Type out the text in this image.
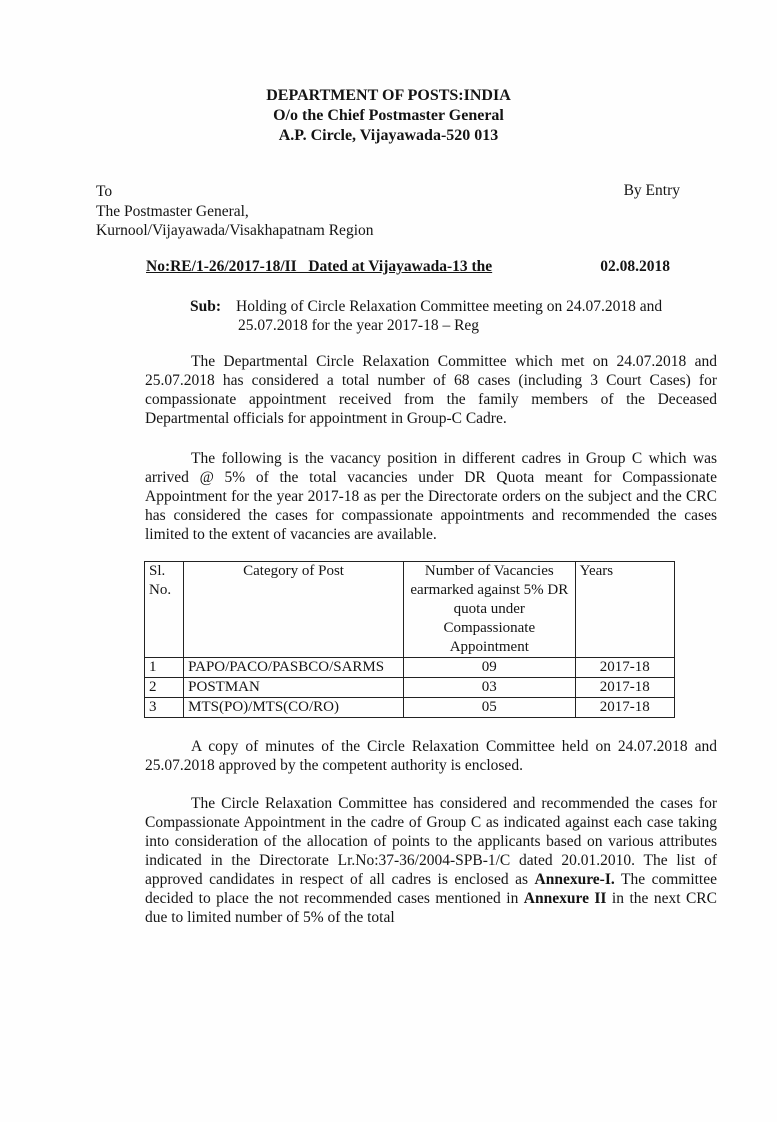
DEPARTMENT OF POSTS:INDIA
O/o the Chief Postmaster General
A.P. Circle, Vijayawada-520 013
To
The Postmaster General,
Kurnool/Vijayawada/Visakhapatnam Region
By Entry
No:RE/1-26/2017-18/II   Dated at Vijayawada-13 the	02.08.2018
Sub: Holding of Circle Relaxation Committee meeting on 24.07.2018 and
25.07.2018 for the year 2017-18 – Reg

The Departmental Circle Relaxation Committee which met on 24.07.2018 and 25.07.2018 has considered a total number of 68 cases (including 3 Court Cases) for compassionate appointment received from the family members of the Deceased Departmental officials for appointment in Group-C Cadre.

The following is the vacancy position in different cadres in Group C which was arrived @ 5% of the total vacancies under DR Quota meant for Compassionate Appointment for the year 2017-18 as per the Directorate orders on the subject and the CRC has considered the cases for compassionate appointments and recommended the cases limited to the extent of vacancies are available.

Sl. No.	Category of Post	Number of Vacancies earmarked against 5% DR quota under Compassionate Appointment	Years
1	PAPO/PACO/PASBCO/SARMS	09	2017-18
2	POSTMAN	03	2017-18
3	MTS(PO)/MTS(CO/RO)	05	2017-18

A copy of minutes of the Circle Relaxation Committee held on 24.07.2018 and 25.07.2018 approved by the competent authority is enclosed.

The Circle Relaxation Committee has considered and recommended the cases for Compassionate Appointment in the cadre of Group C as indicated against each case taking into consideration of the allocation of points to the applicants based on various attributes indicated in the Directorate Lr.No:37-36/2004-SPB-1/C dated 20.01.2010. The list of approved candidates in respect of all cadres is enclosed as Annexure-I. The committee decided to place the not recommended cases mentioned in Annexure II in the next CRC due to limited number of 5% of the total
